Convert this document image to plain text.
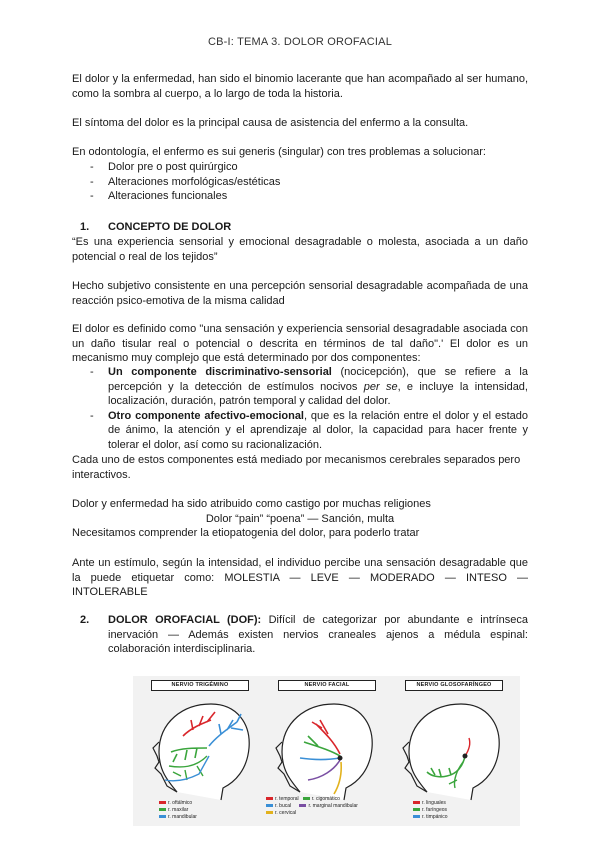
CB-I: TEMA 3. DOLOR OROFACIAL
El dolor y la enfermedad, han sido el binomio lacerante que han acompañado al ser humano, como la sombra al cuerpo, a lo largo de toda la historia.
El síntoma del dolor es la principal causa de asistencia del enfermo a la consulta.
En odontología, el enfermo es sui generis (singular) con tres problemas a solucionar:
- Dolor pre o post quirúrgico
- Alteraciones morfológicas/estéticas
- Alteraciones funcionales
1.	CONCEPTO DE DOLOR
“Es una experiencia sensorial y emocional desagradable o molesta, asociada a un daño potencial o real de los tejidos”
Hecho subjetivo consistente en una percepción sensorial desagradable acompañada de una reacción psico-emotiva de la misma calidad
El dolor es definido como "una sensación y experiencia sensorial desagradable asociada con un daño tisular real o potencial o descrita en términos de tal daño".' El dolor es un mecanismo muy complejo que está determinado por dos componentes:
- Un componente discriminativo-sensorial (nocicepción), que se refiere a la percepción y la detección de estímulos nocivos per se, e incluye la intensidad, localización, duración, patrón temporal y calidad del dolor.
- Otro componente afectivo-emocional, que es la relación entre el dolor y el estado de ánimo, la atención y el aprendizaje al dolor, la capacidad para hacer frente y tolerar el dolor, así como su racionalización.
Cada uno de estos componentes está mediado por mecanismos cerebrales separados pero interactivos.
Dolor y enfermedad ha sido atribuido como castigo por muchas religiones
Dolor “pain” “poena” — Sanción, multa
Necesitamos comprender la etiopatogenia del dolor, para poderlo tratar
Ante un estímulo, según la intensidad, el individuo percibe una sensación desagradable que la puede etiquetar como: MOLESTIA — LEVE — MODERADO — INTESO — INTOLERABLE
2.	DOLOR OROFACIAL (DOF): Difícil de categorizar por abundante e intrínseca inervación — Además existen nervios craneales ajenos a médula espinal: colaboración interdisciplinaria.
NERVIO TRIGÉMINO
r. oftálmico
r. maxilar
r. mandibular
NERVIO FACIAL
r. temporal	r. cigomático
r. bucal	r. marginal mandibular
r. cervical
NERVIO GLOSOFARÍNGEO
r. linguales
r. faríngeos
r. timpánico
